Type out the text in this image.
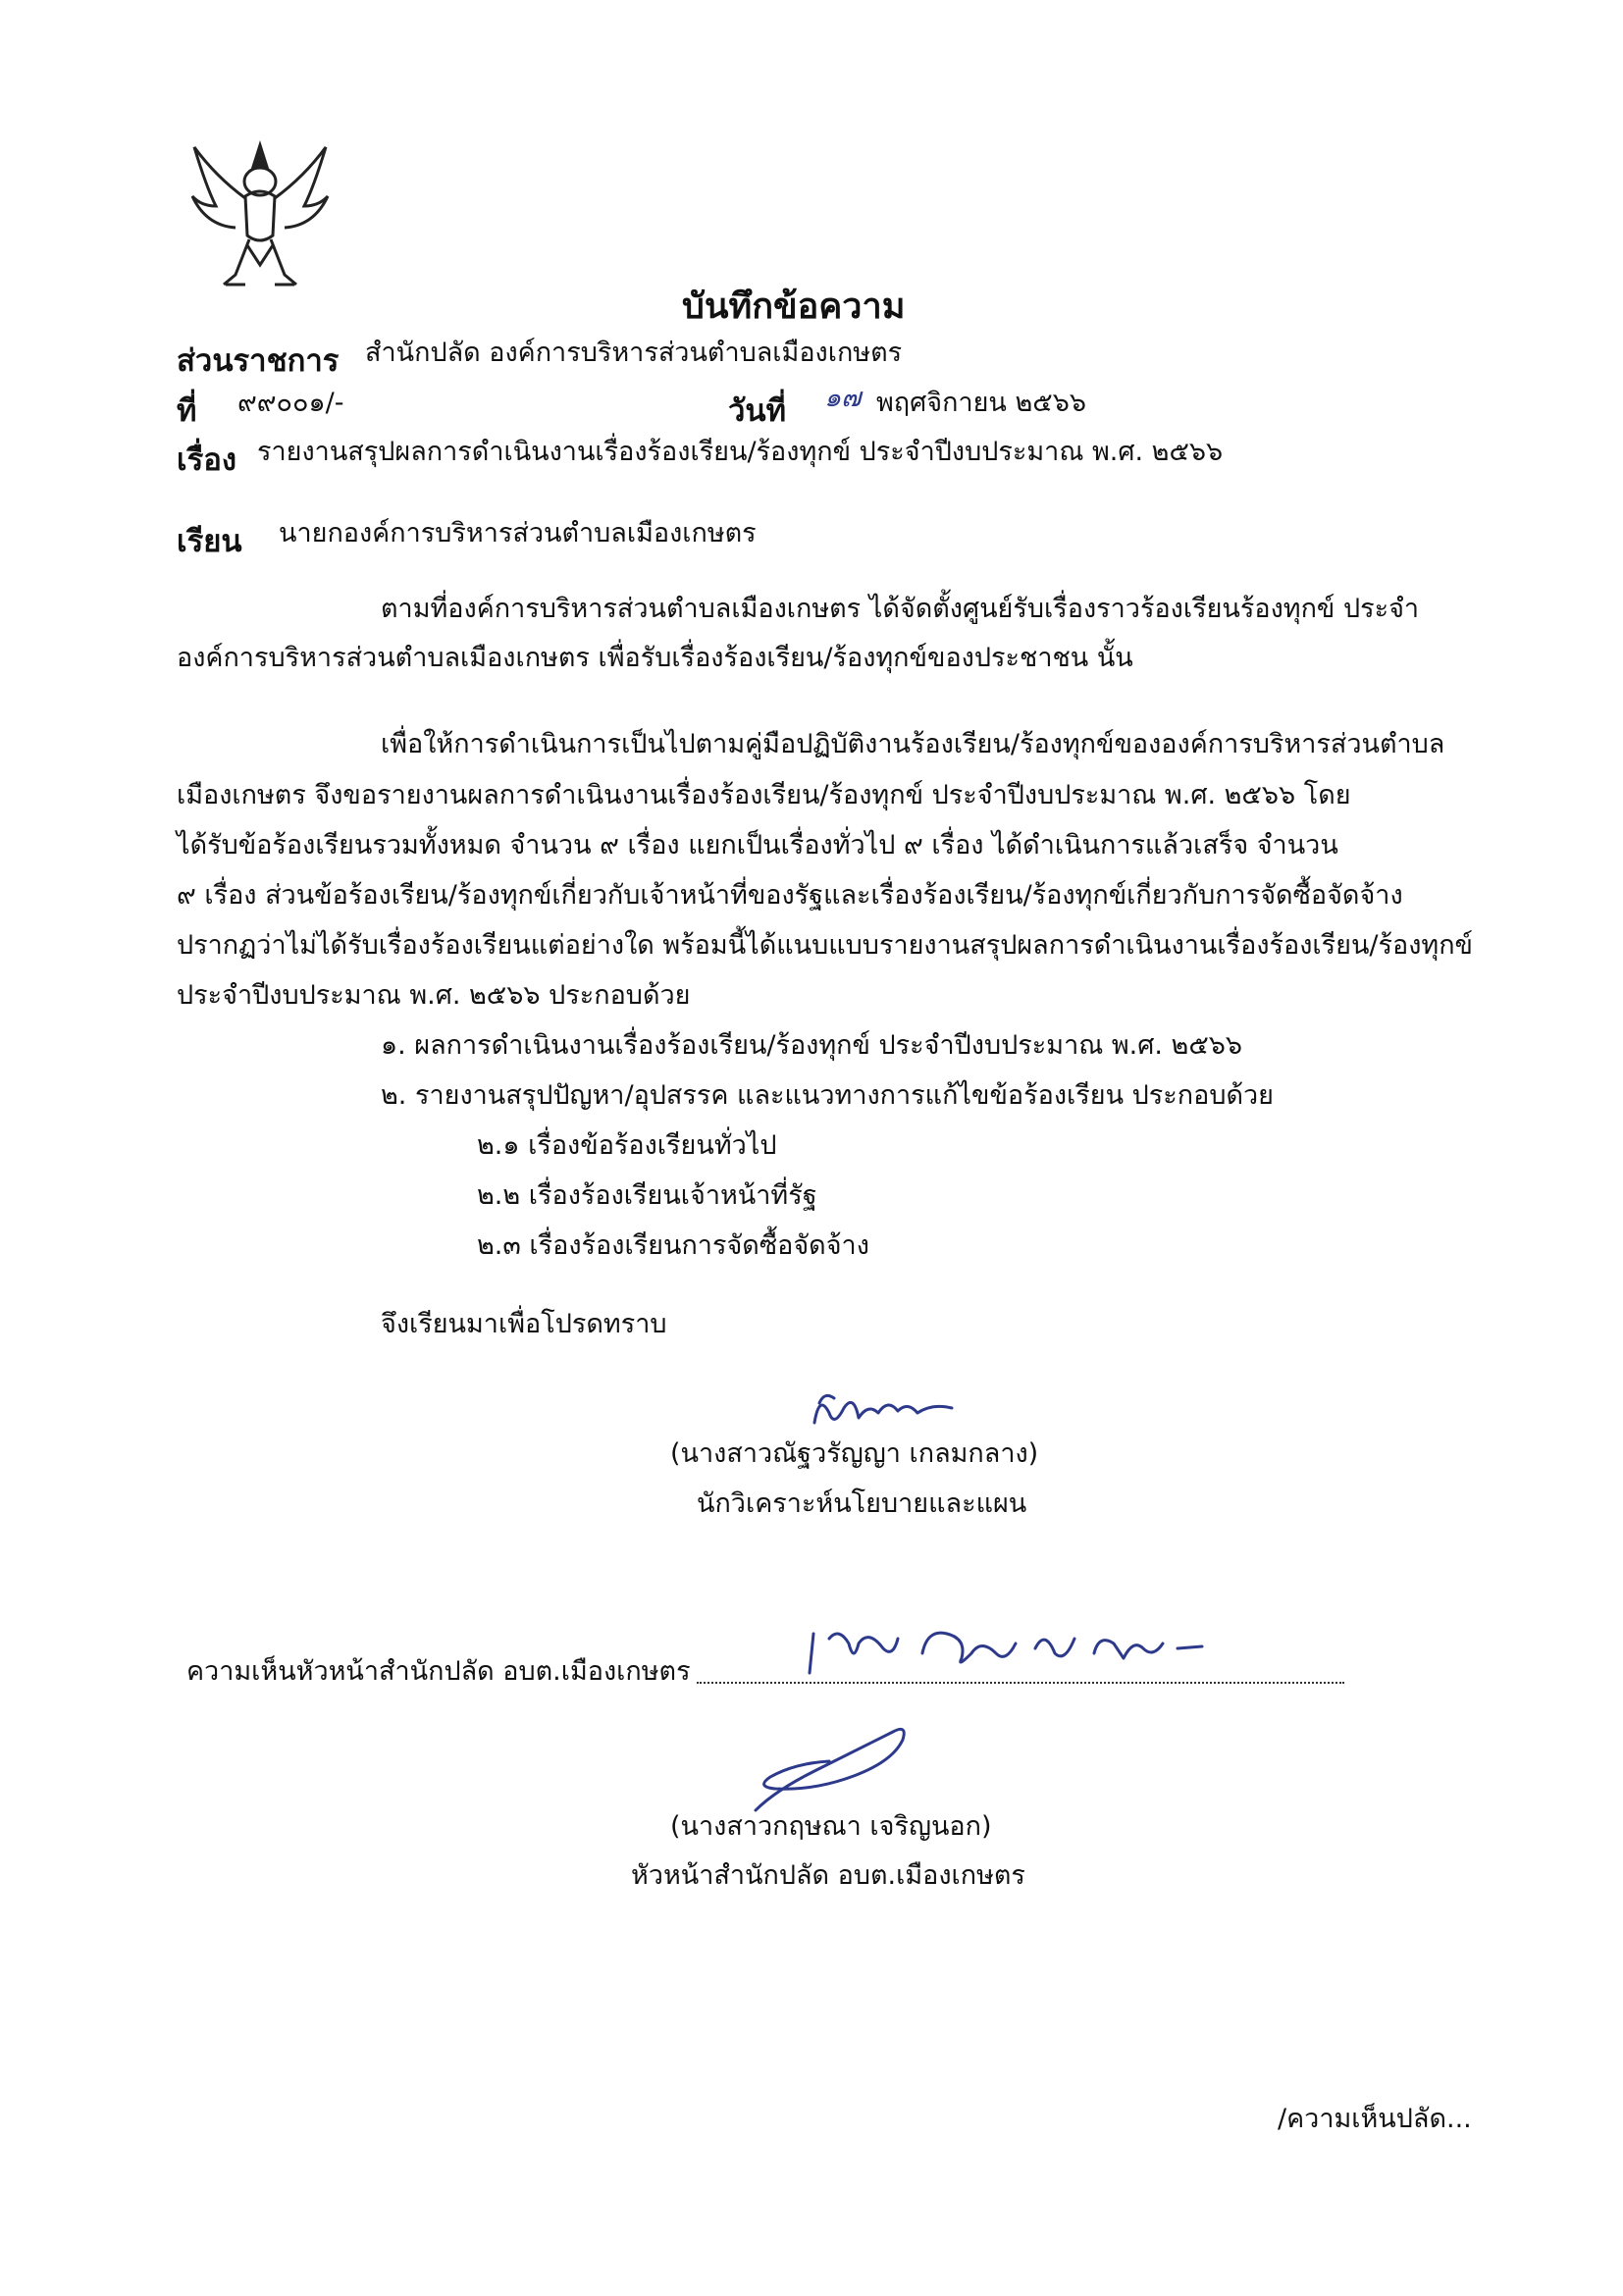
บันทึกข้อความ
ส่วนราชการ สำนักปลัด องค์การบริหารส่วนตำบลเมืองเกษตร
ที่ ๙๙๐๐๑/-	วันที่ ๑๗ พฤศจิกายน ๒๕๖๖
เรื่อง รายงานสรุปผลการดำเนินงานเรื่องร้องเรียน/ร้องทุกข์ ประจำปีงบประมาณ พ.ศ. ๒๕๖๖
เรียน นายกองค์การบริหารส่วนตำบลเมืองเกษตร
ตามที่องค์การบริหารส่วนตำบลเมืองเกษตร ได้จัดตั้งศูนย์รับเรื่องราวร้องเรียนร้องทุกข์ ประจำ
องค์การบริหารส่วนตำบลเมืองเกษตร เพื่อรับเรื่องร้องเรียน/ร้องทุกข์ของประชาชน นั้น
เพื่อให้การดำเนินการเป็นไปตามคู่มือปฏิบัติงานร้องเรียน/ร้องทุกข์ขององค์การบริหารส่วนตำบล
เมืองเกษตร จึงขอรายงานผลการดำเนินงานเรื่องร้องเรียน/ร้องทุกข์ ประจำปีงบประมาณ พ.ศ. ๒๕๖๖ โดย
ได้รับข้อร้องเรียนรวมทั้งหมด จำนวน ๙ เรื่อง แยกเป็นเรื่องทั่วไป ๙ เรื่อง ได้ดำเนินการแล้วเสร็จ จำนวน
๙ เรื่อง ส่วนข้อร้องเรียน/ร้องทุกข์เกี่ยวกับเจ้าหน้าที่ของรัฐและเรื่องร้องเรียน/ร้องทุกข์เกี่ยวกับการจัดซื้อจัดจ้าง
ปรากฏว่าไม่ได้รับเรื่องร้องเรียนแต่อย่างใด พร้อมนี้ได้แนบแบบรายงานสรุปผลการดำเนินงานเรื่องร้องเรียน/ร้องทุกข์
ประจำปีงบประมาณ พ.ศ. ๒๕๖๖ ประกอบด้วย
๑. ผลการดำเนินงานเรื่องร้องเรียน/ร้องทุกข์ ประจำปีงบประมาณ พ.ศ. ๒๕๖๖
๒. รายงานสรุปปัญหา/อุปสรรค และแนวทางการแก้ไขข้อร้องเรียน ประกอบด้วย
๒.๑ เรื่องข้อร้องเรียนทั่วไป
๒.๒ เรื่องร้องเรียนเจ้าหน้าที่รัฐ
๒.๓ เรื่องร้องเรียนการจัดซื้อจัดจ้าง
จึงเรียนมาเพื่อโปรดทราบ
(นางสาวณัฐวรัญญา เกลมกลาง)
นักวิเคราะห์นโยบายและแผน
ความเห็นหัวหน้าสำนักปลัด อบต.เมืองเกษตร
(นางสาวกฤษณา เจริญนอก)
หัวหน้าสำนักปลัด อบต.เมืองเกษตร
/ความเห็นปลัด...
